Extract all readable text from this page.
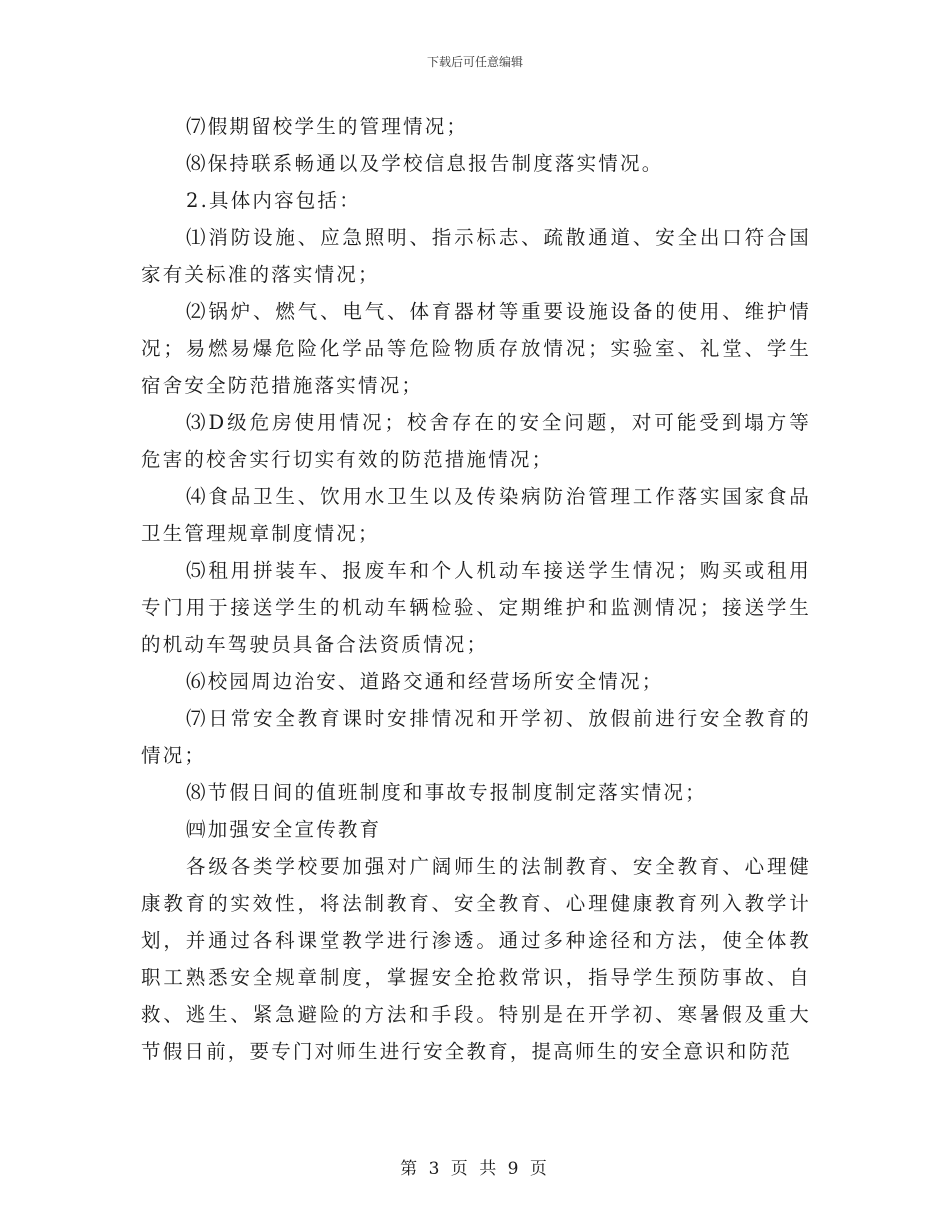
下载后可任意编辑

⑺假期留校学生的管理情况；

⑻保持联系畅通以及学校信息报告制度落实情况。

2.具体内容包括：

⑴消防设施、应急照明、指示标志、疏散通道、安全出口符合国家有关标准的落实情况；

⑵锅炉、燃气、电气、体育器材等重要设施设备的使用、维护情况；易燃易爆危险化学品等危险物质存放情况；实验室、礼堂、学生宿舍安全防范措施落实情况；

⑶D级危房使用情况；校舍存在的安全问题，对可能受到塌方等危害的校舍实行切实有效的防范措施情况；

⑷食品卫生、饮用水卫生以及传染病防治管理工作落实国家食品卫生管理规章制度情况；

⑸租用拼装车、报废车和个人机动车接送学生情况；购买或租用专门用于接送学生的机动车辆检验、定期维护和监测情况；接送学生的机动车驾驶员具备合法资质情况；

⑹校园周边治安、道路交通和经营场所安全情况；

⑺日常安全教育课时安排情况和开学初、放假前进行安全教育的情况；

⑻节假日间的值班制度和事故专报制度制定落实情况；

㈣加强安全宣传教育

各级各类学校要加强对广阔师生的法制教育、安全教育、心理健康教育的实效性，将法制教育、安全教育、心理健康教育列入教学计划，并通过各科课堂教学进行渗透。通过多种途径和方法，使全体教职工熟悉安全规章制度，掌握安全抢救常识，指导学生预防事故、自救、逃生、紧急避险的方法和手段。特别是在开学初、寒暑假及重大节假日前，要专门对师生进行安全教育，提高师生的安全意识和防范

第 3 页 共 9 页
